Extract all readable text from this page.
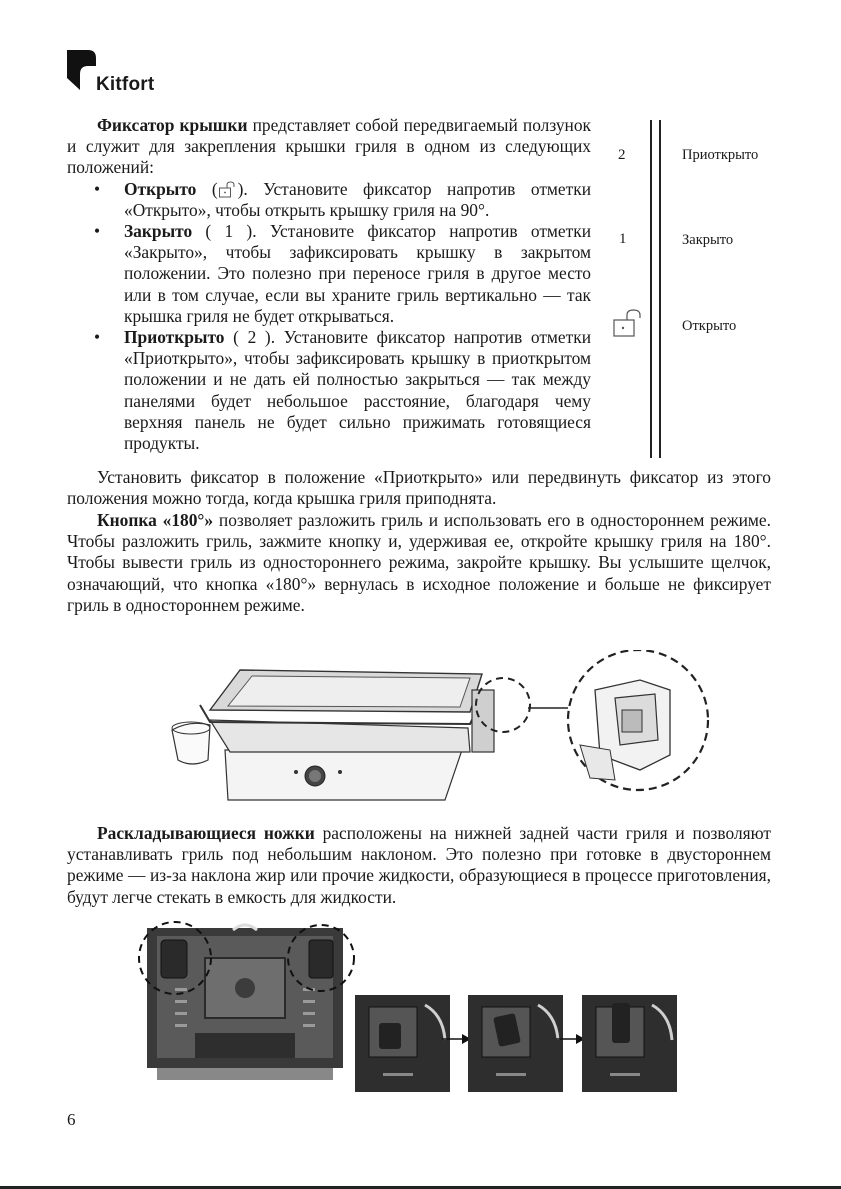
Kitfort

Фиксатор крышки представляет собой передвигаемый ползунок и служит для закрепления крышки гриля в одном из следующих положений:

• Открыто ( ). Установите фиксатор напротив отметки «Открыто», чтобы открыть крышку гриля на 90°.
• Закрыто ( 1 ). Установите фиксатор напротив отметки «Закрыто», чтобы зафиксировать крышку в закрытом положении. Это полезно при переносе гриля в другое место или в том случае, если вы храните гриль вертикально — так крышка гриля не будет открываться.
• Приоткрыто ( 2 ). Установите фиксатор напротив отметки «Приоткрыто», чтобы зафиксировать крышку в приоткрытом положении и не дать ей полностью закрыться — так между панелями будет небольшое расстояние, благодаря чему верхняя панель не будет сильно прижимать готовящиеся продукты.
2	Приоткрыто
1	Закрыто
Открыто

Установить фиксатор в положение «Приоткрыто» или передвинуть фиксатор из этого положения можно тогда, когда крышка гриля приподнята.

Кнопка «180°» позволяет разложить гриль и использовать его в одностороннем режиме. Чтобы разложить гриль, зажмите кнопку и, удерживая ее, откройте крышку гриля на 180°. Чтобы вывести гриль из одностороннего режима, закройте крышку. Вы услышите щелчок, означающий, что кнопка «180°» вернулась в исходное положение и больше не фиксирует гриль в одностороннем режиме.

Раскладывающиеся ножки расположены на нижней задней части гриля и позволяют устанавливать гриль под небольшим наклоном. Это полезно при готовке в двустороннем режиме — из-за наклона жир или прочие жидкости, образующиеся в процессе приготовления, будут легче стекать в емкость для жидкости.

6
